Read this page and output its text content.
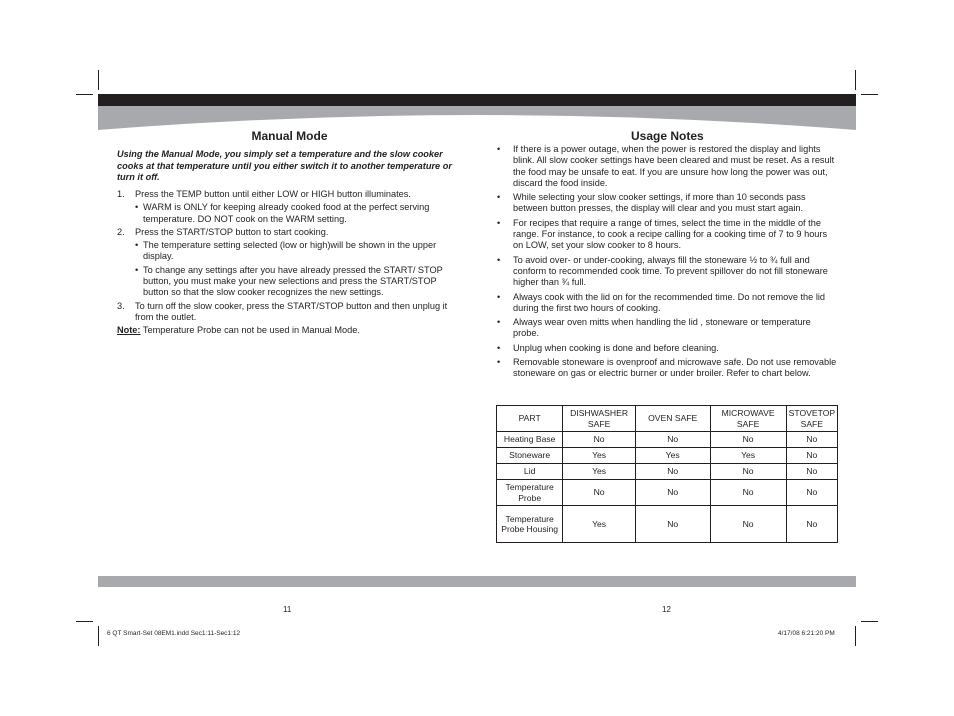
Manual Mode
Using the Manual Mode, you simply set a temperature and the slow cooker cooks at that temperature until you either switch it to another temperature or turn it off.
1. Press the TEMP button until either LOW or HIGH button illuminates.
• WARM is ONLY for keeping already cooked food at the perfect serving temperature. DO NOT cook on the WARM setting.
2. Press the START/STOP button to start cooking.
• The temperature setting selected (low or high)will be shown in the upper display.
• To change any settings after you have already pressed the START/ STOP button, you must make your new selections and press the START/STOP button so that the slow cooker recognizes the new settings.
3. To turn off the slow cooker, press the START/STOP button and then unplug it from the outlet.
Note: Temperature Probe can not be used in Manual Mode.
Usage Notes
• If there is a power outage, when the power is restored the display and lights blink. All slow cooker settings have been cleared and must be reset. As a result the food may be unsafe to eat. If you are unsure how long the power was out, discard the food inside.
• While selecting your slow cooker settings, if more than 10 seconds pass between button presses, the display will clear and you must start again.
• For recipes that require a range of times, select the time in the middle of the range. For instance, to cook a recipe calling for a cooking time of 7 to 9 hours on LOW, set your slow cooker to 8 hours.
• To avoid over- or under-cooking, always fill the stoneware ½ to ¾ full and conform to recommended cook time. To prevent spillover do not fill stoneware higher than ¾ full.
• Always cook with the lid on for the recommended time. Do not remove the lid during the first two hours of cooking.
• Always wear oven mitts when handling the lid , stoneware or temperature probe.
• Unplug when cooking is done and before cleaning.
• Removable stoneware is ovenproof and microwave safe. Do not use removable stoneware on gas or electric burner or under broiler. Refer to chart below.
PART	DISHWASHER SAFE	OVEN SAFE	MICROWAVE SAFE	STOVETOP SAFE
Heating Base	No	No	No	No
Stoneware	Yes	Yes	Yes	No
Lid	Yes	No	No	No
Temperature Probe	No	No	No	No
Temperature Probe Housing	Yes	No	No	No
11	12
6 QT Smart-Set 08EM1.indd Sec1:11-Sec1:12	4/17/08 6:21:20 PM
